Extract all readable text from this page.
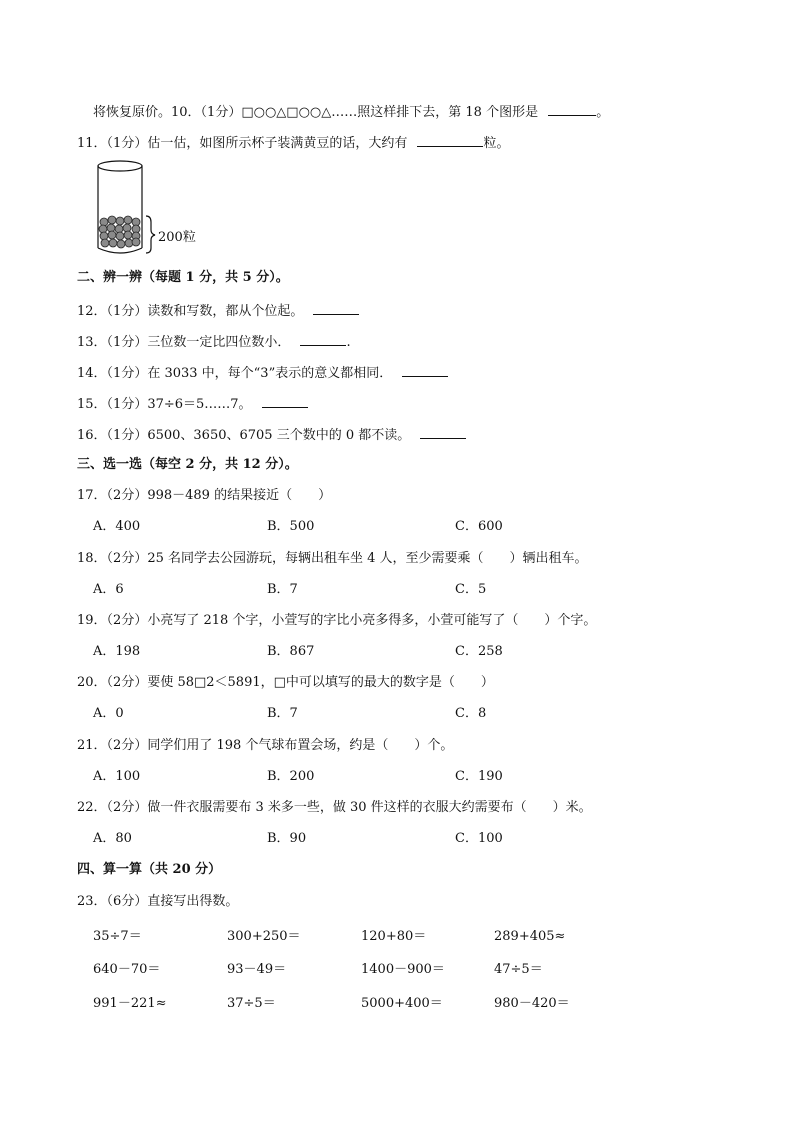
将恢复原价。10．（1分）□○○△□○○△……照这样排下去，第 18 个图形是	。
11．（1分）估一估，如图所示杯子装满黄豆的话，大约有	粒。
200粒
二、辨一辨（每题 1 分，共 5 分）。
12．（1分）读数和写数，都从个位起。
13．（1分）三位数一定比四位数小．	.
14．（1分）在 3033 中，每个“3”表示的意义都相同．
15．（1分）37÷6＝5……7。
16．（1分）6500、3650、6705 三个数中的 0 都不读。
三、选一选（每空 2 分，共 12 分）。
17．（2分）998－489 的结果接近（　　）
A．400	B．500	C．600
18．（2分）25 名同学去公园游玩，每辆出租车坐 4 人，至少需要乘（　　）辆出租车。
A．6	B．7	C．5
19．（2分）小亮写了 218 个字，小萱写的字比小亮多得多，小萱可能写了（　　）个字。
A．198	B．867	C．258
20．（2分）要使 58□2＜5891，□中可以填写的最大的数字是（　　）
A．0	B．7	C．8
21．（2分）同学们用了 198 个气球布置会场，约是（　　）个。
A．100	B．200	C．190
22．（2分）做一件衣服需要布 3 米多一些，做 30 件这样的衣服大约需要布（　　）米。
A．80	B．90	C．100
四、算一算（共 20 分）
23．（6分）直接写出得数。
35÷7＝	300+250＝	120+80＝	289+405≈
640－70＝	93－49＝	1400－900＝	47÷5＝
991－221≈	37÷5＝	5000+400＝	980－420＝
